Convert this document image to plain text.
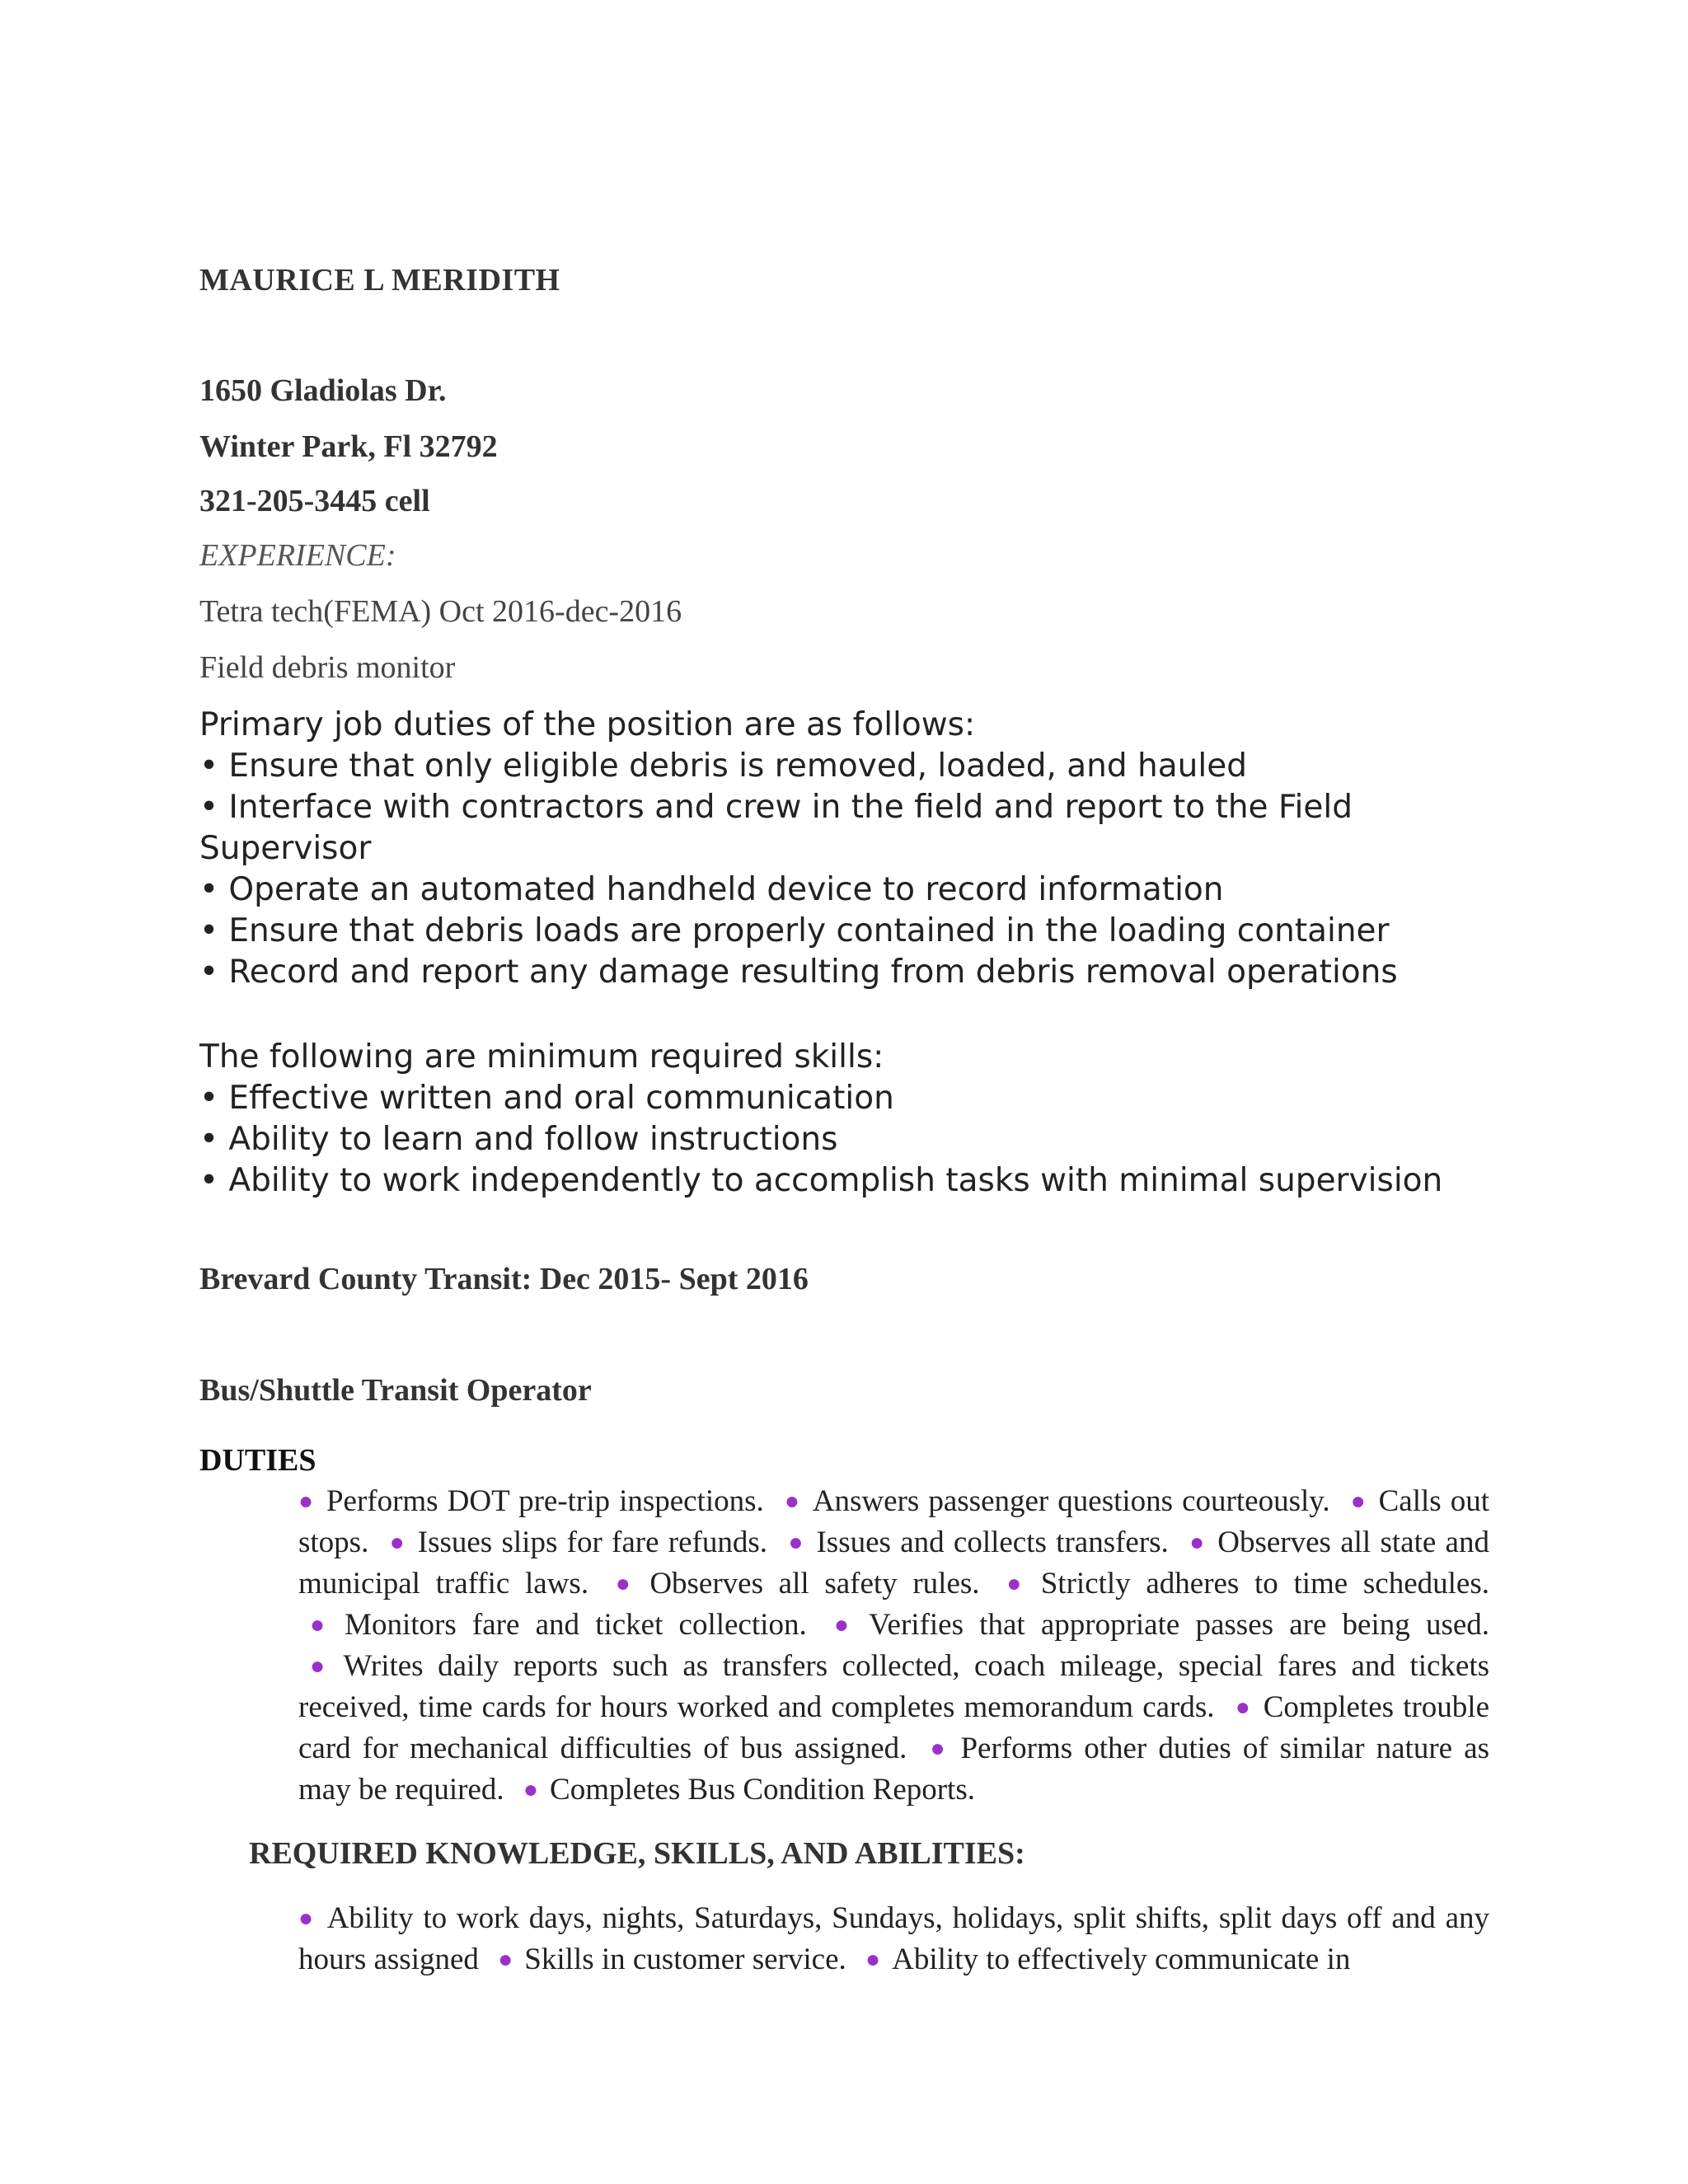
MAURICE L MERIDITH
1650 Gladiolas Dr.
Winter Park, Fl 32792
321-205-3445 cell
EXPERIENCE:
Tetra tech(FEMA) Oct 2016-dec-2016
Field debris monitor
Primary job duties of the position are as follows:
• Ensure that only eligible debris is removed, loaded, and hauled
• Interface with contractors and crew in the field and report to the Field
Supervisor
• Operate an automated handheld device to record information
• Ensure that debris loads are properly contained in the loading container
• Record and report any damage resulting from debris removal operations
The following are minimum required skills:
• Effective written and oral communication
• Ability to learn and follow instructions
• Ability to work independently to accomplish tasks with minimal supervision
Brevard County Transit: Dec 2015- Sept 2016
Bus/Shuttle Transit Operator
DUTIES
● Performs DOT pre-trip inspections. ● Answers passenger questions courteously. ● Calls out stops. ● Issues slips for fare refunds. ● Issues and collects transfers. ● Observes all state and municipal traffic laws. ● Observes all safety rules. ● Strictly adheres to time schedules. ● Monitors fare and ticket collection. ● Verifies that appropriate passes are being used. ● Writes daily reports such as transfers collected, coach mileage, special fares and tickets received, time cards for hours worked and completes memorandum cards. ● Completes trouble card for mechanical difficulties of bus assigned. ● Performs other duties of similar nature as may be required. ● Completes Bus Condition Reports.
REQUIRED KNOWLEDGE, SKILLS, AND ABILITIES:
● Ability to work days, nights, Saturdays, Sundays, holidays, split shifts, split days off and any hours assigned ● Skills in customer service. ● Ability to effectively communicate in
